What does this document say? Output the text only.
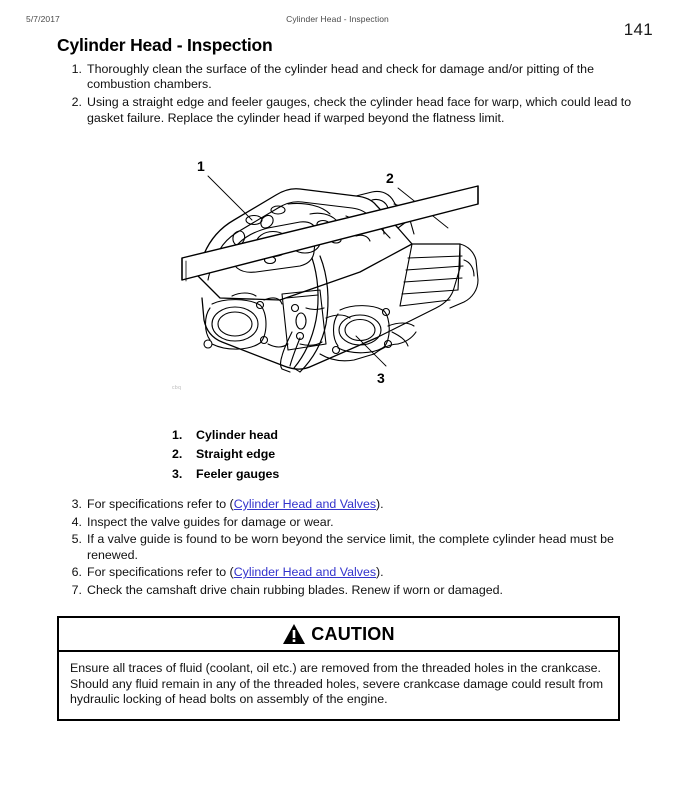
5/7/2017	Cylinder Head - Inspection
141
Cylinder Head - Inspection
1. Thoroughly clean the surface of the cylinder head and check for damage and/or pitting of the combustion chambers.
2. Using a straight edge and feeler gauges, check the cylinder head face for warp, which could lead to gasket failure. Replace the cylinder head if warped beyond the flatness limit.
1
2
3
cbq
1.	Cylinder head
2.	Straight edge
3.	Feeler gauges
3. For specifications refer to (Cylinder Head and Valves).
4. Inspect the valve guides for damage or wear.
5. If a valve guide is found to be worn beyond the service limit, the complete cylinder head must be renewed.
6. For specifications refer to (Cylinder Head and Valves).
7. Check the camshaft drive chain rubbing blades. Renew if worn or damaged.
CAUTION
Ensure all traces of fluid (coolant, oil etc.) are removed from the threaded holes in the crankcase. Should any fluid remain in any of the threaded holes, severe crankcase damage could result from hydraulic locking of head bolts on assembly of the engine.
